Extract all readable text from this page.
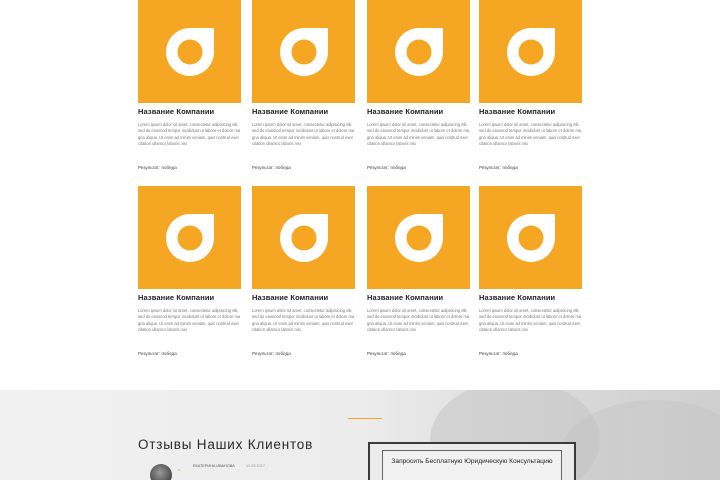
Название Компании
Lorem ipsum dolor sit amet, consectetur adipisicing elit, sed do eiusmod tempor incididunt ut labore et dolore magna aliqua. Ut enim ad minim veniam, quis nostrud exercitation ullamco laboris nisi
Результат: победа
Название Компании
Lorem ipsum dolor sit amet, consectetur adipisicing elit, sed do eiusmod tempor incididunt ut labore et dolore magna aliqua. Ut enim ad minim veniam, quis nostrud exercitation ullamco laboris nisi
Результат: победа
Название Компании
Lorem ipsum dolor sit amet, consectetur adipisicing elit, sed do eiusmod tempor incididunt ut labore et dolore magna aliqua. Ut enim ad minim veniam, quis nostrud exercitation ullamco laboris nisi
Результат: победа
Название Компании
Lorem ipsum dolor sit amet, consectetur adipisicing elit, sed do eiusmod tempor incididunt ut labore et dolore magna aliqua. Ut enim ad minim veniam, quis nostrud exercitation ullamco laboris nisi
Результат: победа
Название Компании
Lorem ipsum dolor sit amet, consectetur adipisicing elit, sed do eiusmod tempor incididunt ut labore et dolore magna aliqua. Ut enim ad minim veniam, quis nostrud exercitation ullamco laboris nisi
Результат: победа
Название Компании
Lorem ipsum dolor sit amet, consectetur adipisicing elit, sed do eiusmod tempor incididunt ut labore et dolore magna aliqua. Ut enim ad minim veniam, quis nostrud exercitation ullamco laboris nisi
Результат: победа
Название Компании
Lorem ipsum dolor sit amet, consectetur adipisicing elit, sed do eiusmod tempor incididunt ut labore et dolore magna aliqua. Ut enim ad minim veniam, quis nostrud exercitation ullamco laboris nisi
Результат: победа
Название Компании
Lorem ipsum dolor sit amet, consectetur adipisicing elit, sed do eiusmod tempor incididunt ut labore et dolore magna aliqua. Ut enim ad minim veniam, quis nostrud exercitation ullamco laboris nisi
Результат: победа
Отзывы Наших Клиентов
“
ЕКАТЕРИНА ИВАНОВА	12.05.2017
Запросить Бесплатную Юридическую Консультацию
